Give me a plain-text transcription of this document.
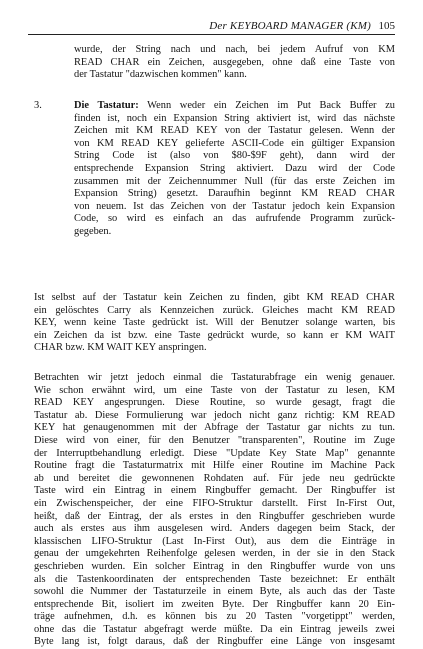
Der KEYBOARD MANAGER (KM) 105

wurde, der String nach und nach, bei jedem Aufruf von KM
READ CHAR ein Zeichen, ausgegeben, ohne daß eine Taste von
der Tastatur "dazwischen kommen" kann.

3.	Die Tastatur: Wenn weder ein Zeichen im Put Back Buffer zu
finden ist, noch ein Expansion String aktiviert ist, wird das nächste
Zeichen mit KM READ KEY von der Tastatur gelesen. Wenn der
von KM READ KEY gelieferte ASCII-Code ein gültiger Expansion
String Code ist (also von $80-$9F geht), dann wird der
entsprechende Expansion String aktiviert. Dazu wird der Code
zusammen mit der Zeichennummer Null (für das erste Zeichen im
Expansion String) gesetzt. Daraufhin beginnt KM READ CHAR
von neuem. Ist das Zeichen von der Tastatur jedoch kein Expansion
Code, so wird es einfach an das aufrufende Programm zurück-
gegeben.

Ist selbst auf der Tastatur kein Zeichen zu finden, gibt KM READ CHAR
ein gelöschtes Carry als Kennzeichen zurück. Gleiches macht KM READ
KEY, wenn keine Taste gedrückt ist. Will der Benutzer solange warten, bis
ein Zeichen da ist bzw. eine Taste gedrückt wurde, so kann er KM WAIT
CHAR bzw. KM WAIT KEY anspringen.

Betrachten wir jetzt jedoch einmal die Tastaturabfrage ein wenig genauer.
Wie schon erwähnt wird, um eine Taste von der Tastatur zu lesen, KM
READ KEY angesprungen. Diese Routine, so wurde gesagt, fragt die
Tastatur ab. Diese Formulierung war jedoch nicht ganz richtig: KM READ
KEY hat genaugenommen mit der Abfrage der Tastatur gar nichts zu tun.
Diese wird von einer, für den Benutzer "transparenten", Routine im Zuge
der Interruptbehandlung erledigt. Diese "Update Key State Map" genannte
Routine fragt die Tastaturmatrix mit Hilfe einer Routine im Machine Pack
ab und bereitet die gewonnenen Rohdaten auf. Für jede neu gedrückte
Taste wird ein Eintrag in einem Ringbuffer gemacht. Der Ringbuffer ist
ein Zwischenspeicher, der eine FIFO-Struktur darstellt. First In-First Out,
heißt, daß der Eintrag, der als erstes in den Ringbuffer geschrieben wurde
auch als erstes aus ihm ausgelesen wird. Anders dagegen beim Stack, der
klassischen LIFO-Struktur (Last In-First Out), aus dem die Einträge in
genau der umgekehrten Reihenfolge gelesen werden, in der sie in den Stack
geschrieben wurden. Ein solcher Eintrag in den Ringbuffer wurde von uns
als die Tastenkoordinaten der entsprechenden Taste bezeichnet: Er enthält
sowohl die Nummer der Tastaturzeile in einem Byte, als auch das der Taste
entsprechende Bit, isoliert im zweiten Byte. Der Ringbuffer kann 20 Ein-
träge aufnehmen, d.h. es können bis zu 20 Tasten "vorgetippt" werden,
ohne das die Tastatur abgefragt werde müßte. Da ein Eintrag jeweils zwei
Byte lang ist, folgt daraus, daß der Ringbuffer eine Länge von insgesamt
